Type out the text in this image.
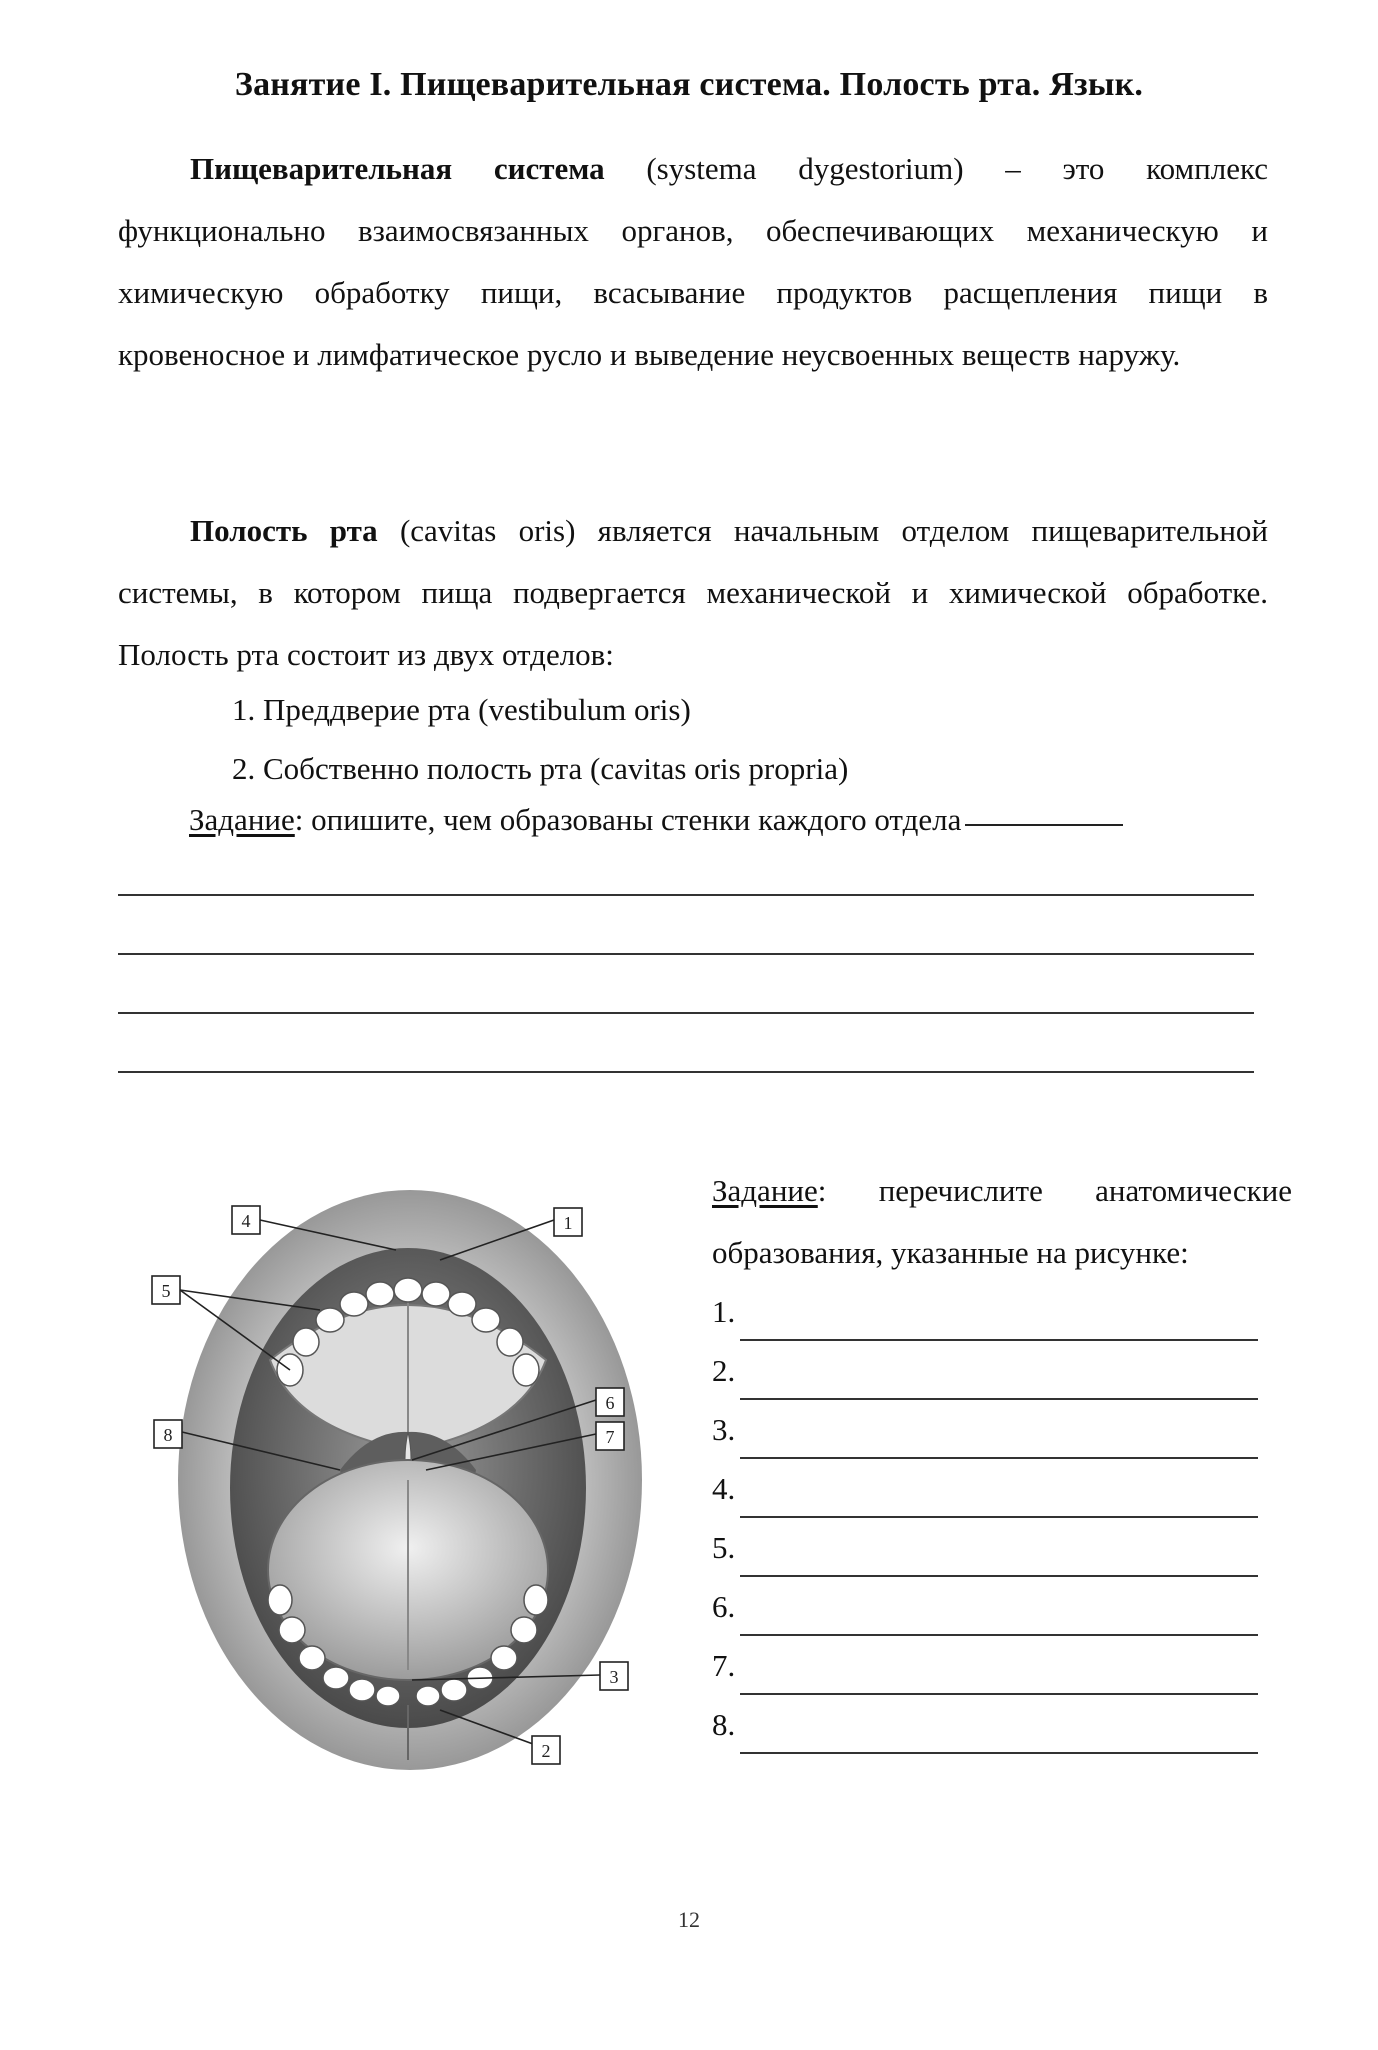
Занятие I. Пищеварительная система. Полость рта. Язык.
Пищеварительная система (systema dygestorium) – это комплекс функционально взаимосвязанных органов, обеспечивающих механическую и химическую обработку пищи, всасывание продуктов расщепления пищи в кровеносное и лимфатическое русло и выведение неусвоенных веществ наружу.
Полость рта (cavitas oris) является начальным отделом пищеварительной системы, в котором пища подвергается механической и химической обработке. Полость рта состоит из двух отделов:
1. Преддверие рта (vestibulum oris)
2. Собственно полость рта (cavitas oris propria)
Задание: опишите, чем образованы стенки каждого отдела
1
2
3
4
5
6
7
8
Задание: перечислите анатомические образования, указанные на рисунке:
1.
2.
3.
4.
5.
6.
7.
8.
12
